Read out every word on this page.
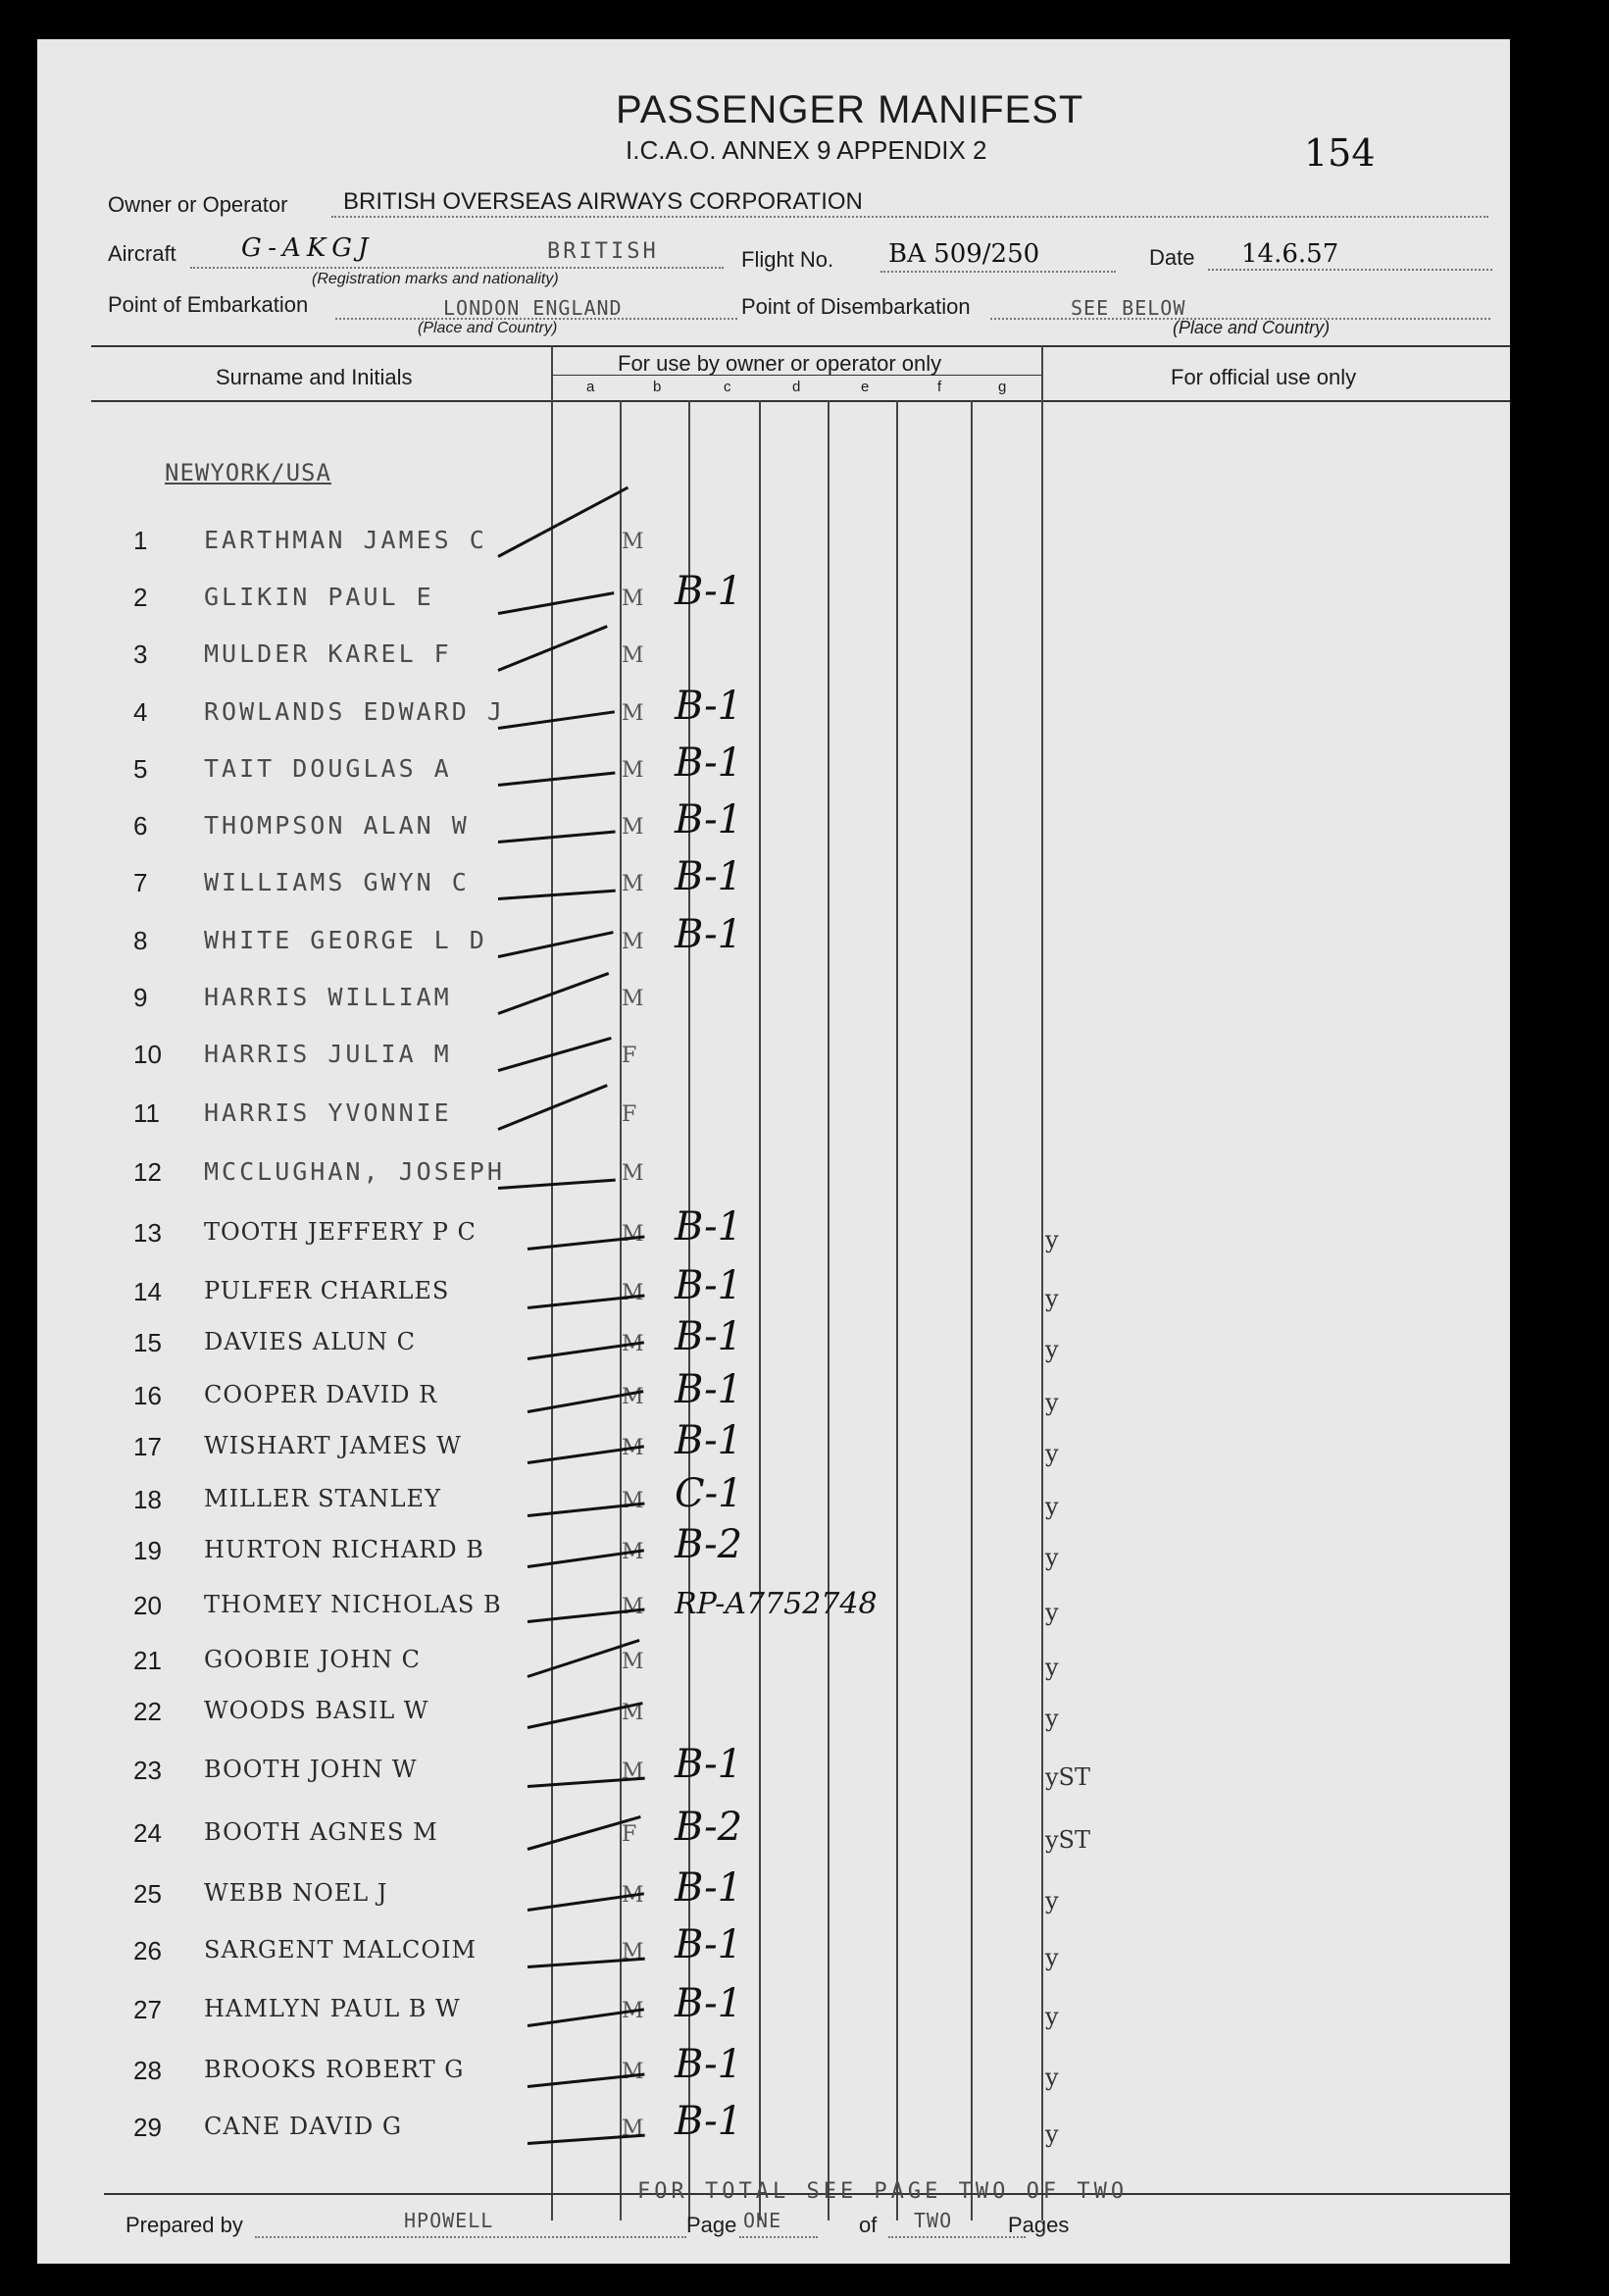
PASSENGER MANIFEST
I.C.A.O. ANNEX 9 APPENDIX 2	154
Owner or Operator BRITISH OVERSEAS AIRWAYS CORPORATION
Aircraft	G-AKGJ	BRITISH
(Registration marks and nationality)
Flight No. BA 509/250	Date 14.6.57
Point of Embarkation	LONDON ENGLAND
(Place and Country)
Point of Disembarkation	SEE BELOW
(Place and Country)
Surname and Initials
For use by owner or operator only
For official use only
a	b	c	d	e	f	g
NEWYORK/USA
1 EARTHMAN JAMES C	M
2 GLIKIN PAUL E	M B-1
3 MULDER KAREL F	M
4 ROWLANDS EDWARD J	M B-1
5 TAIT DOUGLAS A	M B-1
6 THOMPSON ALAN W	M B-1
7 WILLIAMS GWYN C	M B-1
8 WHITE GEORGE L D	M B-1
9 HARRIS WILLIAM	M
10 HARRIS JULIA M	F
11 HARRIS YVONNIE	F
12 MCCLUGHAN, JOSEPH	M
13 TOOTH JEFFERY P C	M B-1	y
14 PULFER CHARLES	M B-1	y
15 DAVIES ALUN C	M B-1	y
16 COOPER DAVID R	M B-1	y
17 WISHART JAMES W	M B-1	y
18 MILLER STANLEY	M C-1	y
19 HURTON RICHARD B	M B-2	y
20 THOMEY NICHOLAS B	M RP-A7752748	y
21 GOOBIE JOHN C	M	y
22 WOODS BASIL W	M	y
23 BOOTH JOHN W	M B-1	yST
24 BOOTH AGNES M	F B-2	yST
25 WEBB NOEL J	M B-1	y
26 SARGENT MALCOIM	M B-1	y
27 HAMLYN PAUL B W	M B-1	y
28 BROOKS ROBERT G	M B-1	y
29 CANE DAVID G	M B-1	y
FOR TOTAL SEE PAGE TWO OF TWO
Prepared by	HPOWELL	Page ONE	of TWO	Pages
